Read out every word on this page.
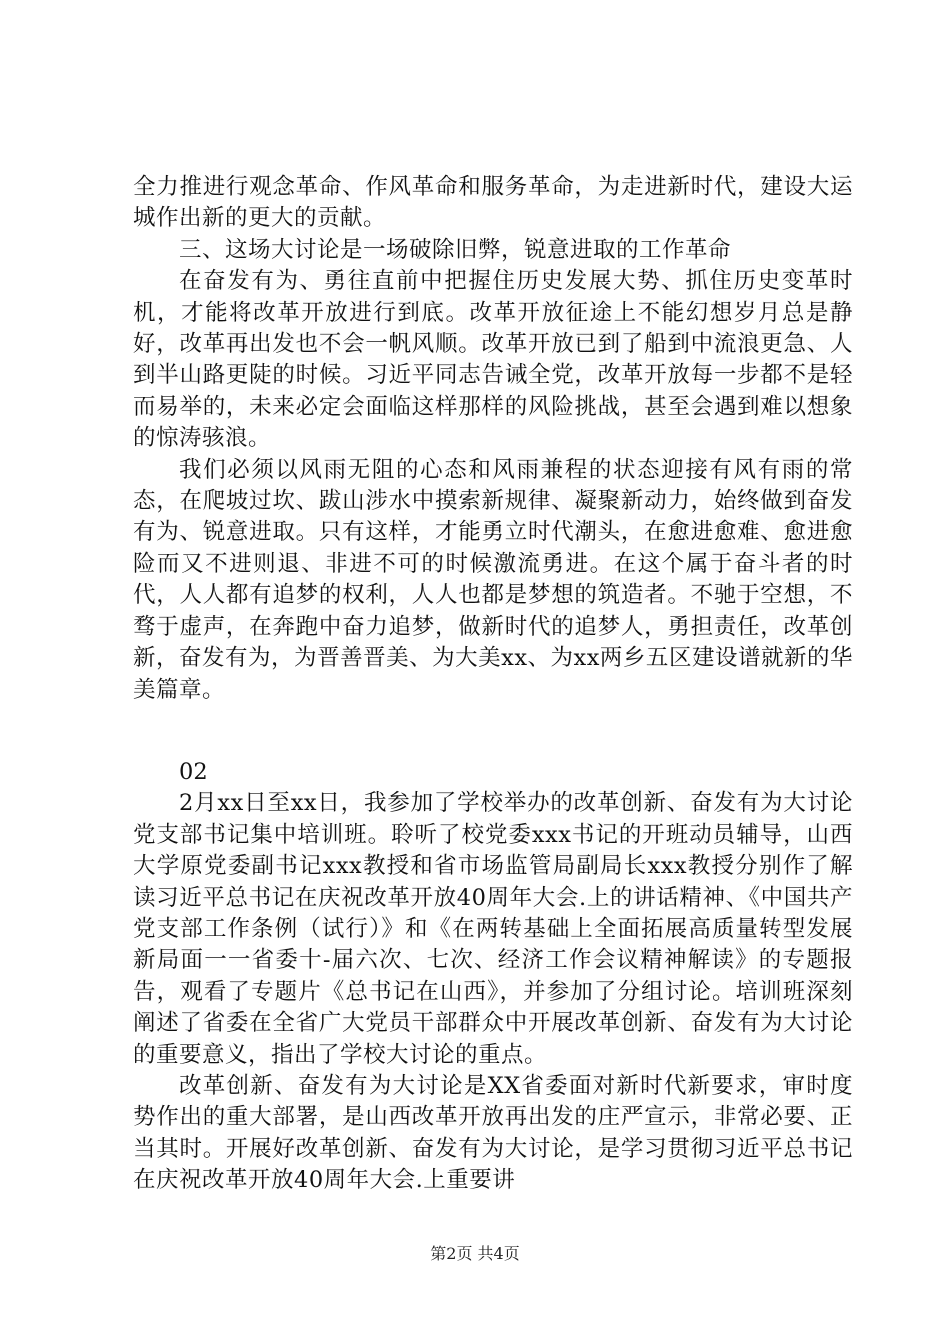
全力推进行观念革命、作风革命和服务革命，为走进新时代，建设大运城作出新的更大的贡献。

三、这场大讨论是一场破除旧弊，锐意进取的工作革命

在奋发有为、勇往直前中把握住历史发展大势、抓住历史变革时机，才能将改革开放进行到底。改革开放征途上不能幻想岁月总是静好，改革再出发也不会一帆风顺。改革开放已到了船到中流浪更急、人到半山路更陡的时候。习近平同志告诫全党，改革开放每一步都不是轻而易举的，未来必定会面临这样那样的风险挑战，甚至会遇到难以想象的惊涛骇浪。

我们必须以风雨无阻的心态和风雨兼程的状态迎接有风有雨的常态，在爬坡过坎、跋山涉水中摸索新规律、凝聚新动力，始终做到奋发有为、锐意进取。只有这样，才能勇立时代潮头，在愈进愈难、愈进愈险而又不进则退、非进不可的时候激流勇进。在这个属于奋斗者的时代，人人都有追梦的权利，人人也都是梦想的筑造者。不驰于空想，不骛于虚声，在奔跑中奋力追梦，做新时代的追梦人，勇担责任，改革创新，奋发有为，为晋善晋美、为大美xx、为xx两乡五区建设谱就新的华美篇章。

02

2月xx日至xx日，我参加了学校举办的改革创新、奋发有为大讨论党支部书记集中培训班。聆听了校党委xxx书记的开班动员辅导，山西大学原党委副书记xxx教授和省市场监管局副局长xxx教授分别作了解读习近平总书记在庆祝改革开放40周年大会.上的讲话精神、《中国共产党支部工作条例（试行）》和《在两转基础上全面拓展高质量转型发展新局面一一省委十-届六次、七次、经济工作会议精神解读》的专题报告，观看了专题片《总书记在山西》，并参加了分组讨论。培训班深刻阐述了省委在全省广大党员干部群众中开展改革创新、奋发有为大讨论的重要意义，指出了学校大讨论的重点。

改革创新、奋发有为大讨论是XX省委面对新时代新要求，审时度势作出的重大部署，是山西改革开放再出发的庄严宣示，非常必要、正当其时。开展好改革创新、奋发有为大讨论，是学习贯彻习近平总书记在庆祝改革开放40周年大会.上重要讲

第2页 共4页
